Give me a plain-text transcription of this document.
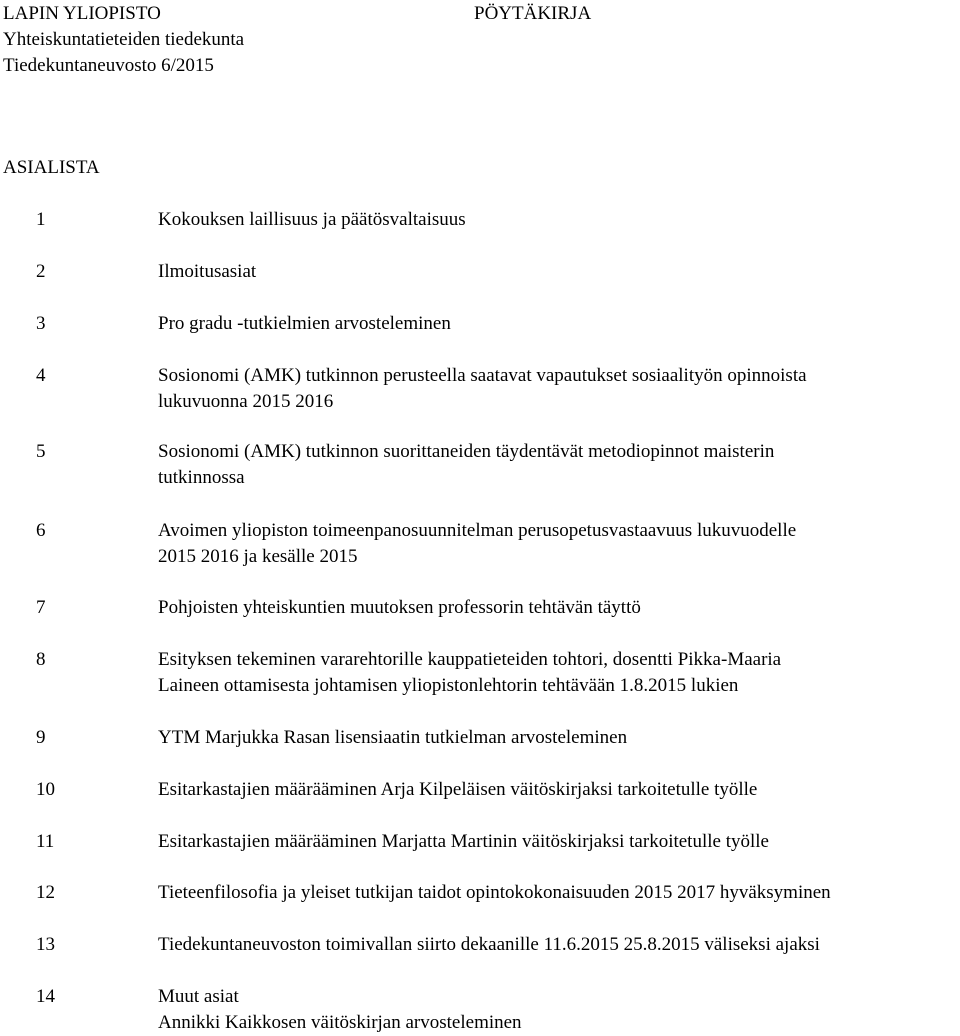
LAPIN YLIOPISTO
Yhteiskuntatieteiden tiedekunta
Tiedekuntaneuvosto 6/2015
PÖYTÄKIRJA
ASIALISTA
1	Kokouksen laillisuus ja päätösvaltaisuus
2	Ilmoitusasiat
3	Pro gradu -tutkielmien arvosteleminen
4	Sosionomi (AMK) tutkinnon perusteella saatavat vapautukset sosiaalityön opinnoista
lukuvuonna 2015 2016
5	Sosionomi (AMK) tutkinnon suorittaneiden täydentävät metodiopinnot maisterin
tutkinnossa
6	Avoimen yliopiston toimeenpanosuunnitelman perusopetusvastaavuus lukuvuodelle
2015 2016 ja kesälle 2015
7	Pohjoisten yhteiskuntien muutoksen professorin tehtävän täyttö
8	Esityksen tekeminen vararehtorille kauppatieteiden tohtori, dosentti Pikka-Maaria
Laineen ottamisesta johtamisen yliopistonlehtorin tehtävään 1.8.2015 lukien
9	YTM Marjukka Rasan lisensiaatin tutkielman arvosteleminen
10	Esitarkastajien määrääminen Arja Kilpeläisen väitöskirjaksi tarkoitetulle työlle
11	Esitarkastajien määrääminen Marjatta Martinin väitöskirjaksi tarkoitetulle työlle
12	Tieteenfilosofia ja yleiset tutkijan taidot opintokokonaisuuden 2015 2017 hyväksyminen
13	Tiedekuntaneuvoston toimivallan siirto dekaanille 11.6.2015 25.8.2015 väliseksi ajaksi
14	Muut asiat
Annikki Kaikkosen väitöskirjan arvosteleminen
